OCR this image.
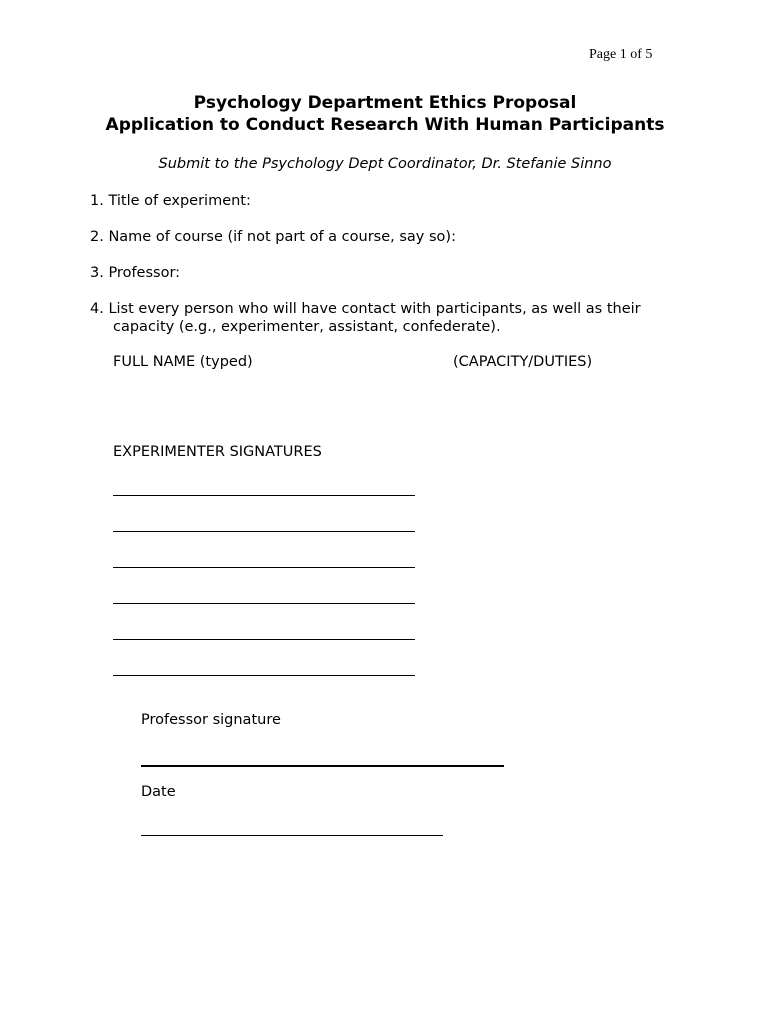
Page 1 of 5
Psychology Department Ethics Proposal
Application to Conduct Research With Human Participants
Submit to the Psychology Dept Coordinator, Dr. Stefanie Sinno
1. Title of experiment:
2. Name of course (if not part of a course, say so):
3. Professor:
4. List every person who will have contact with participants, as well as their
capacity (e.g., experimenter, assistant, confederate).
FULL NAME (typed)	(CAPACITY/DUTIES)
EXPERIMENTER SIGNATURES
Professor signature
Date
